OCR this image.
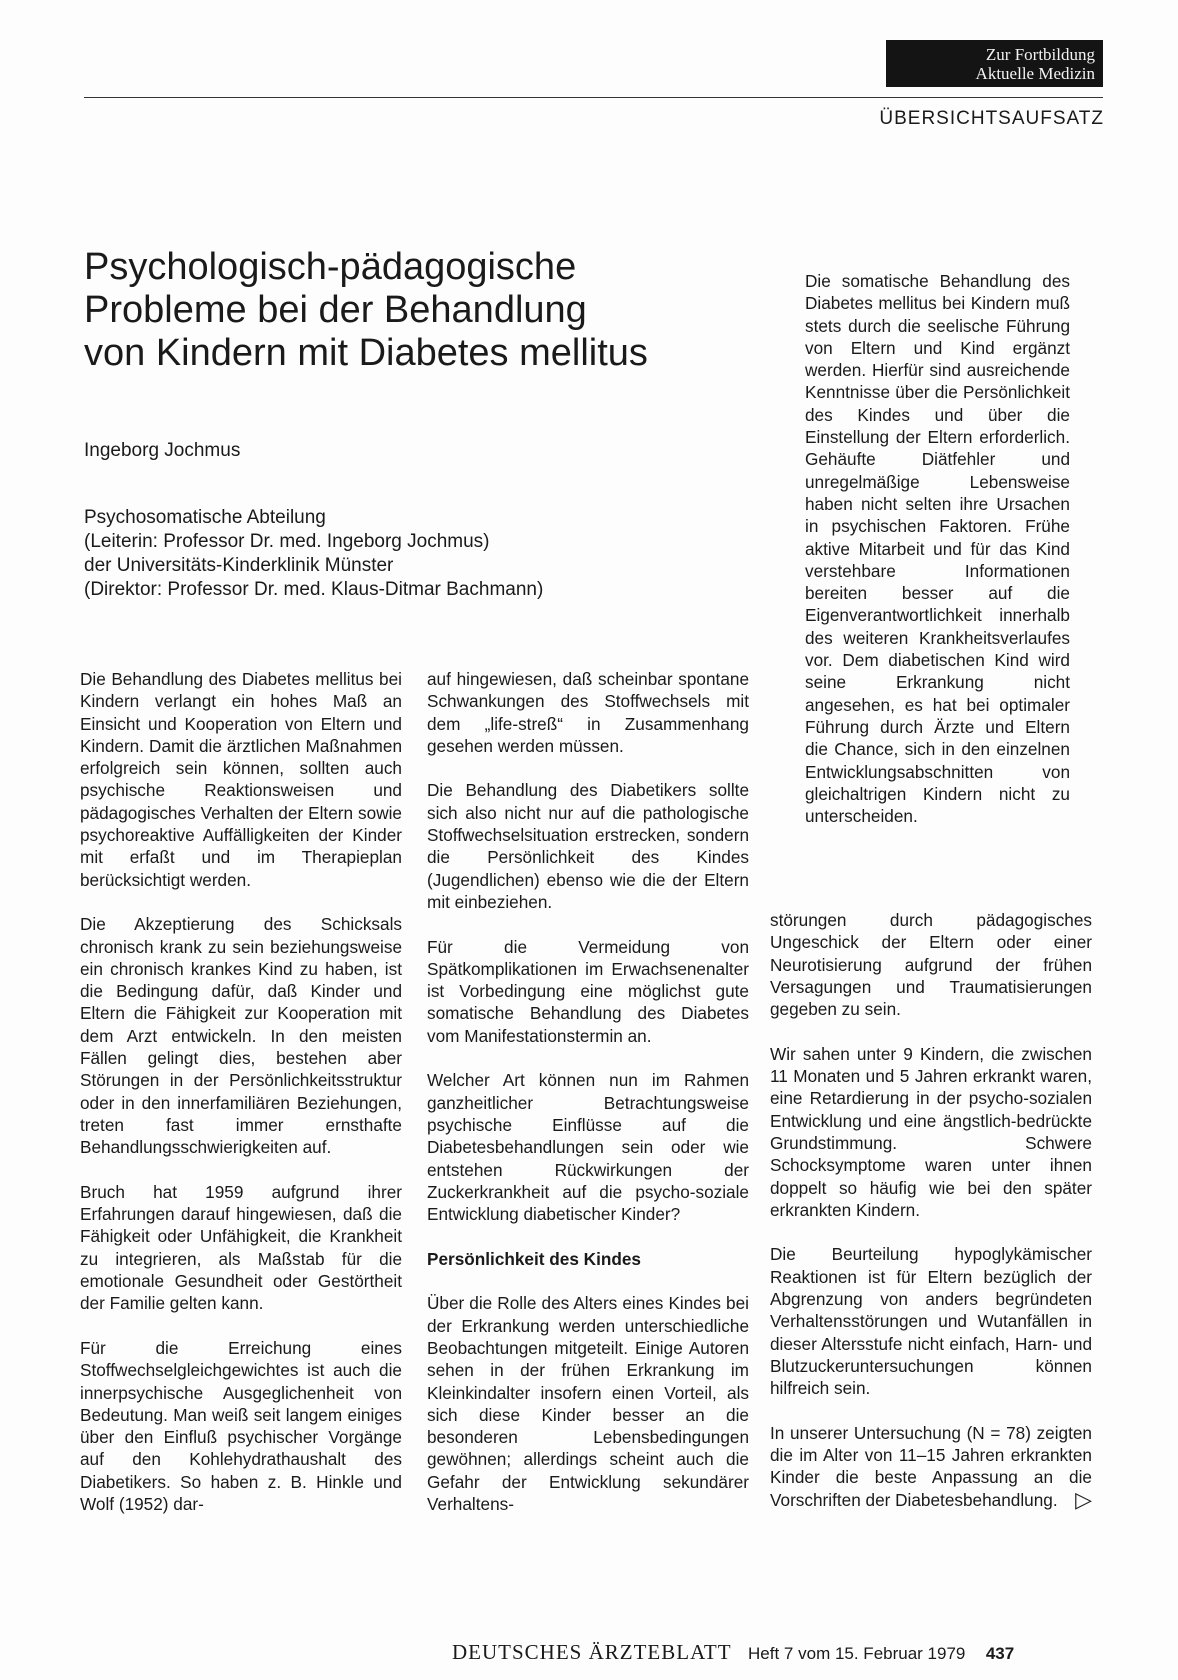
Zur Fortbildung
Aktuelle Medizin
ÜBERSICHTSAUFSATZ
Psychologisch-pädagogische
Probleme bei der Behandlung
von Kindern mit Diabetes mellitus
Ingeborg Jochmus
Psychosomatische Abteilung
(Leiterin: Professor Dr. med. Ingeborg Jochmus)
der Universitäts-Kinderklinik Münster
(Direktor: Professor Dr. med. Klaus-Ditmar Bachmann)

Die somatische Behandlung des Diabetes mellitus bei Kindern muß stets durch die seelische Führung von Eltern und Kind ergänzt werden. Hierfür sind ausreichende Kenntnisse über die Persönlichkeit des Kindes und über die Einstellung der Eltern erforderlich. Gehäufte Diätfehler und unregelmäßige Lebensweise haben nicht selten ihre Ursachen in psychischen Faktoren. Frühe aktive Mitarbeit und für das Kind verstehbare Informationen bereiten besser auf die Eigenverantwortlichkeit innerhalb des weiteren Krankheitsverlaufes vor. Dem diabetischen Kind wird seine Erkrankung nicht angesehen, es hat bei optimaler Führung durch Ärzte und Eltern die Chance, sich in den einzelnen Entwicklungsabschnitten von gleichaltrigen Kindern nicht zu unterscheiden.

Die Behandlung des Diabetes mellitus bei Kindern verlangt ein hohes Maß an Einsicht und Kooperation von Eltern und Kindern. Damit die ärztlichen Maßnahmen erfolgreich sein können, sollten auch psychische Reaktionsweisen und pädagogisches Verhalten der Eltern sowie psychoreaktive Auffälligkeiten der Kinder mit erfaßt und im Therapieplan berücksichtigt werden.

Die Akzeptierung des Schicksals chronisch krank zu sein beziehungsweise ein chronisch krankes Kind zu haben, ist die Bedingung dafür, daß Kinder und Eltern die Fähigkeit zur Kooperation mit dem Arzt entwickeln. In den meisten Fällen gelingt dies, bestehen aber Störungen in der Persönlichkeitsstruktur oder in den innerfamiliären Beziehungen, treten fast immer ernsthafte Behandlungsschwierigkeiten auf.

Bruch hat 1959 aufgrund ihrer Erfahrungen darauf hingewiesen, daß die Fähigkeit oder Unfähigkeit, die Krankheit zu integrieren, als Maßstab für die emotionale Gesundheit oder Gestörtheit der Familie gelten kann.

Für die Erreichung eines Stoffwechselgleichgewichtes ist auch die innerpsychische Ausgeglichenheit von Bedeutung. Man weiß seit langem einiges über den Einfluß psychischer Vorgänge auf den Kohlehydrathaushalt des Diabetikers. So haben z. B. Hinkle und Wolf (1952) dar-

auf hingewiesen, daß scheinbar spontane Schwankungen des Stoffwechsels mit dem „life-streß“ in Zusammenhang gesehen werden müssen.

Die Behandlung des Diabetikers sollte sich also nicht nur auf die pathologische Stoffwechselsituation erstrecken, sondern die Persönlichkeit des Kindes (Jugendlichen) ebenso wie die der Eltern mit einbeziehen.

Für die Vermeidung von Spätkomplikationen im Erwachsenenalter ist Vorbedingung eine möglichst gute somatische Behandlung des Diabetes vom Manifestationstermin an.

Welcher Art können nun im Rahmen ganzheitlicher Betrachtungsweise psychische Einflüsse auf die Diabetesbehandlungen sein oder wie entstehen Rückwirkungen der Zuckerkrankheit auf die psycho-soziale Entwicklung diabetischer Kinder?

Persönlichkeit des Kindes

Über die Rolle des Alters eines Kindes bei der Erkrankung werden unterschiedliche Beobachtungen mitgeteilt. Einige Autoren sehen in der frühen Erkrankung im Kleinkindalter insofern einen Vorteil, als sich diese Kinder besser an die besonderen Lebensbedingungen gewöhnen; allerdings scheint auch die Gefahr der Entwicklung sekundärer Verhaltens-

störungen durch pädagogisches Ungeschick der Eltern oder einer Neurotisierung aufgrund der frühen Versagungen und Traumatisierungen gegeben zu sein.

Wir sahen unter 9 Kindern, die zwischen 11 Monaten und 5 Jahren erkrankt waren, eine Retardierung in der psycho-sozialen Entwicklung und eine ängstlich-bedrückte Grundstimmung. Schwere Schocksymptome waren unter ihnen doppelt so häufig wie bei den später erkrankten Kindern.

Die Beurteilung hypoglykämischer Reaktionen ist für Eltern bezüglich der Abgrenzung von anders begründeten Verhaltensstörungen und Wutanfällen in dieser Altersstufe nicht einfach, Harn- und Blutzuckeruntersuchungen können hilfreich sein.

In unserer Untersuchung (N = 78) zeigten die im Alter von 11–15 Jahren erkrankten Kinder die beste Anpassung an die Vorschriften der Diabetesbehandlung. ▷

DEUTSCHES ÄRZTEBLATT Heft 7 vom 15. Februar 1979 437
